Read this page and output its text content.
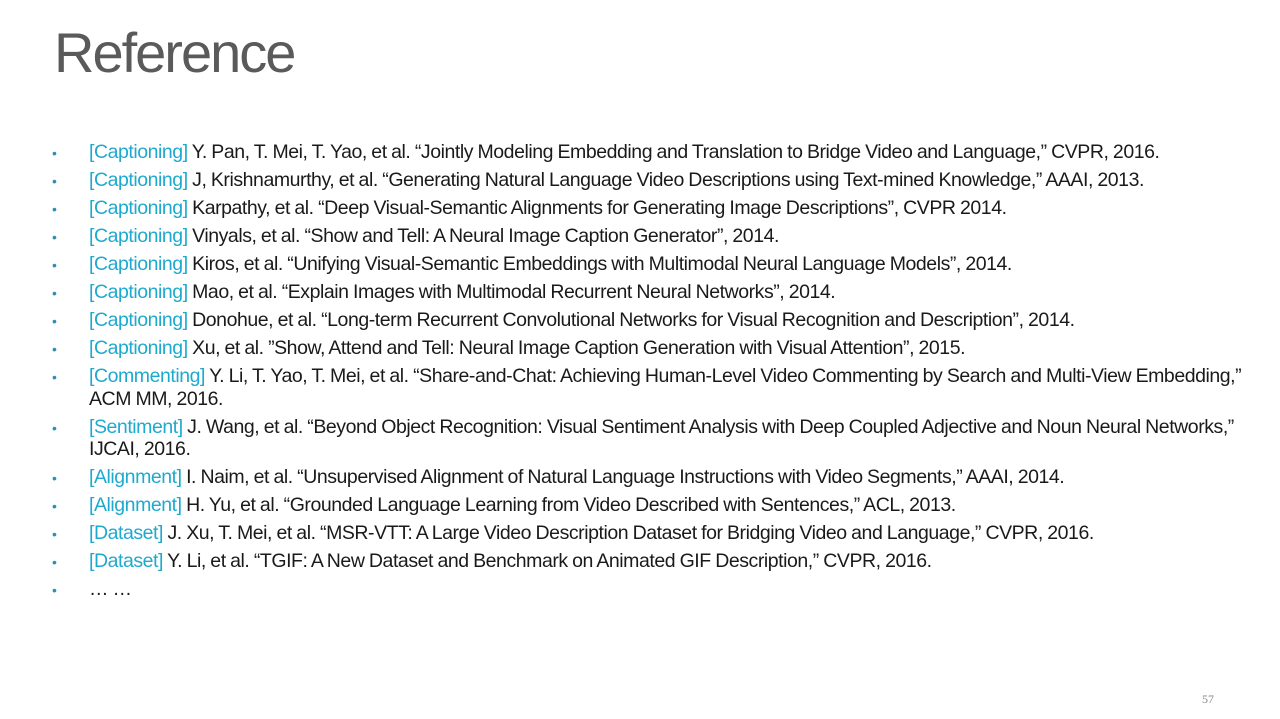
Reference
• [Captioning] Y. Pan, T. Mei, T. Yao, et al. “Jointly Modeling Embedding and Translation to Bridge Video and Language,” CVPR, 2016.
• [Captioning] J, Krishnamurthy, et al. “Generating Natural Language Video Descriptions using Text-mined Knowledge,” AAAI, 2013.
• [Captioning] Karpathy, et al. “Deep Visual-Semantic Alignments for Generating Image Descriptions”, CVPR 2014.
• [Captioning] Vinyals, et al. “Show and Tell: A Neural Image Caption Generator”, 2014.
• [Captioning] Kiros, et al. “Unifying Visual-Semantic Embeddings with Multimodal Neural Language Models”, 2014.
• [Captioning] Mao, et al. “Explain Images with Multimodal Recurrent Neural Networks”, 2014.
• [Captioning] Donohue, et al. “Long-term Recurrent Convolutional Networks for Visual Recognition and Description”, 2014.
• [Captioning] Xu, et al. ”Show, Attend and Tell: Neural Image Caption Generation with Visual Attention”, 2015.
• [Commenting] Y. Li, T. Yao, T. Mei, et al. “Share-and-Chat: Achieving Human-Level Video Commenting by Search and Multi-View Embedding,” ACM MM, 2016.
• [Sentiment] J. Wang, et al. “Beyond Object Recognition: Visual Sentiment Analysis with Deep Coupled Adjective and Noun Neural Networks,” IJCAI, 2016.
• [Alignment] I. Naim, et al. “Unsupervised Alignment of Natural Language Instructions with Video Segments,” AAAI, 2014.
• [Alignment] H. Yu, et al. “Grounded Language Learning from Video Described with Sentences,” ACL, 2013.
• [Dataset] J. Xu, T. Mei, et al. “MSR-VTT: A Large Video Description Dataset for Bridging Video and Language,” CVPR, 2016.
• [Dataset] Y. Li, et al. “TGIF: A New Dataset and Benchmark on Animated GIF Description,” CVPR, 2016.
• … …
57
